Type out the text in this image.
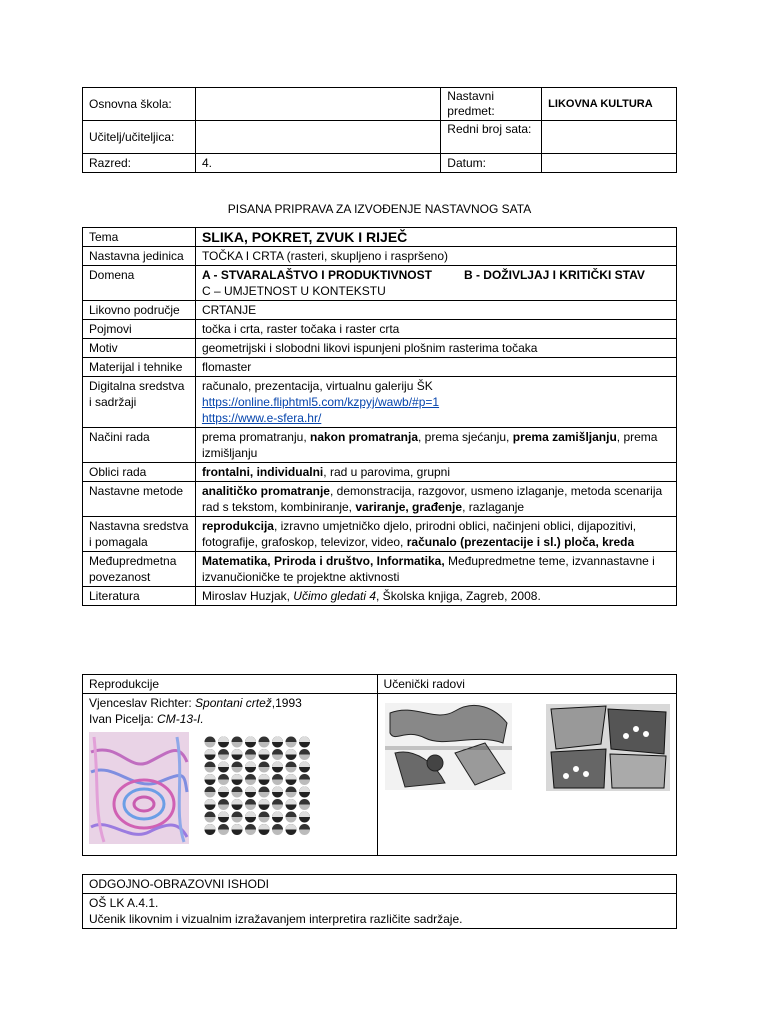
Osnovna škola:		Nastavni predmet:	LIKOVNA KULTURA
Učitelj/učiteljica:		Redni broj sata:	
Razred:	4.	Datum:	
PISANA PRIPRAVA ZA IZVOĐENJE NASTAVNOG SATA
Tema	SLIKA, POKRET, ZVUK I RIJEČ
Nastavna jedinica	TOČKA I CRTA (rasteri, skupljeno i raspršeno)
Domena	A - STVARALAŠTVO I PRODUKTIVNOST B - DOŽIVLJAJ I KRITIČKI STAV
C – UMJETNOST U KONTEKSTU
Likovno područje	CRTANJE
Pojmovi	točka i crta, raster točaka i raster crta
Motiv	geometrijski i slobodni likovi ispunjeni plošnim rasterima točaka
Materijal i tehnike	flomaster
Digitalna sredstva i sadržaji	računalo, prezentacija, virtualnu galeriju ŠK
https://online.fliphtml5.com/kzpyj/wawb/#p=1
https://www.e-sfera.hr/
Načini rada	prema promatranju, nakon promatranja, prema sjećanju, prema zamišljanju, prema izmišljanju
Oblici rada	frontalni, individualni, rad u parovima, grupni
Nastavne metode	analitičko promatranje, demonstracija, razgovor, usmeno izlaganje, metoda scenarija rad s tekstom, kombiniranje, variranje, građenje, razlaganje
Nastavna sredstva i pomagala	reprodukcija, izravno umjetničko djelo, prirodni oblici, načinjeni oblici, dijapozitivi, fotografije, grafoskop, televizor, video, računalo (prezentacije i sl.) ploča, kreda
Međupredmetna povezanost	Matematika, Priroda i društvo, Informatika, Međupredmetne teme, izvannastavne i izvanučioničke te projektne aktivnosti
Literatura	Miroslav Huzjak, Učimo gledati 4, Školska knjiga, Zagreb, 2008.
Reprodukcije	Učenički radovi
Vjenceslav Richter: Spontani crtež,1993
Ivan Picelja: CM-13-I.	
ODGOJNO-OBRAZOVNI ISHODI
OŠ LK A.4.1.
Učenik likovnim i vizualnim izražavanjem interpretira različite sadržaje.
